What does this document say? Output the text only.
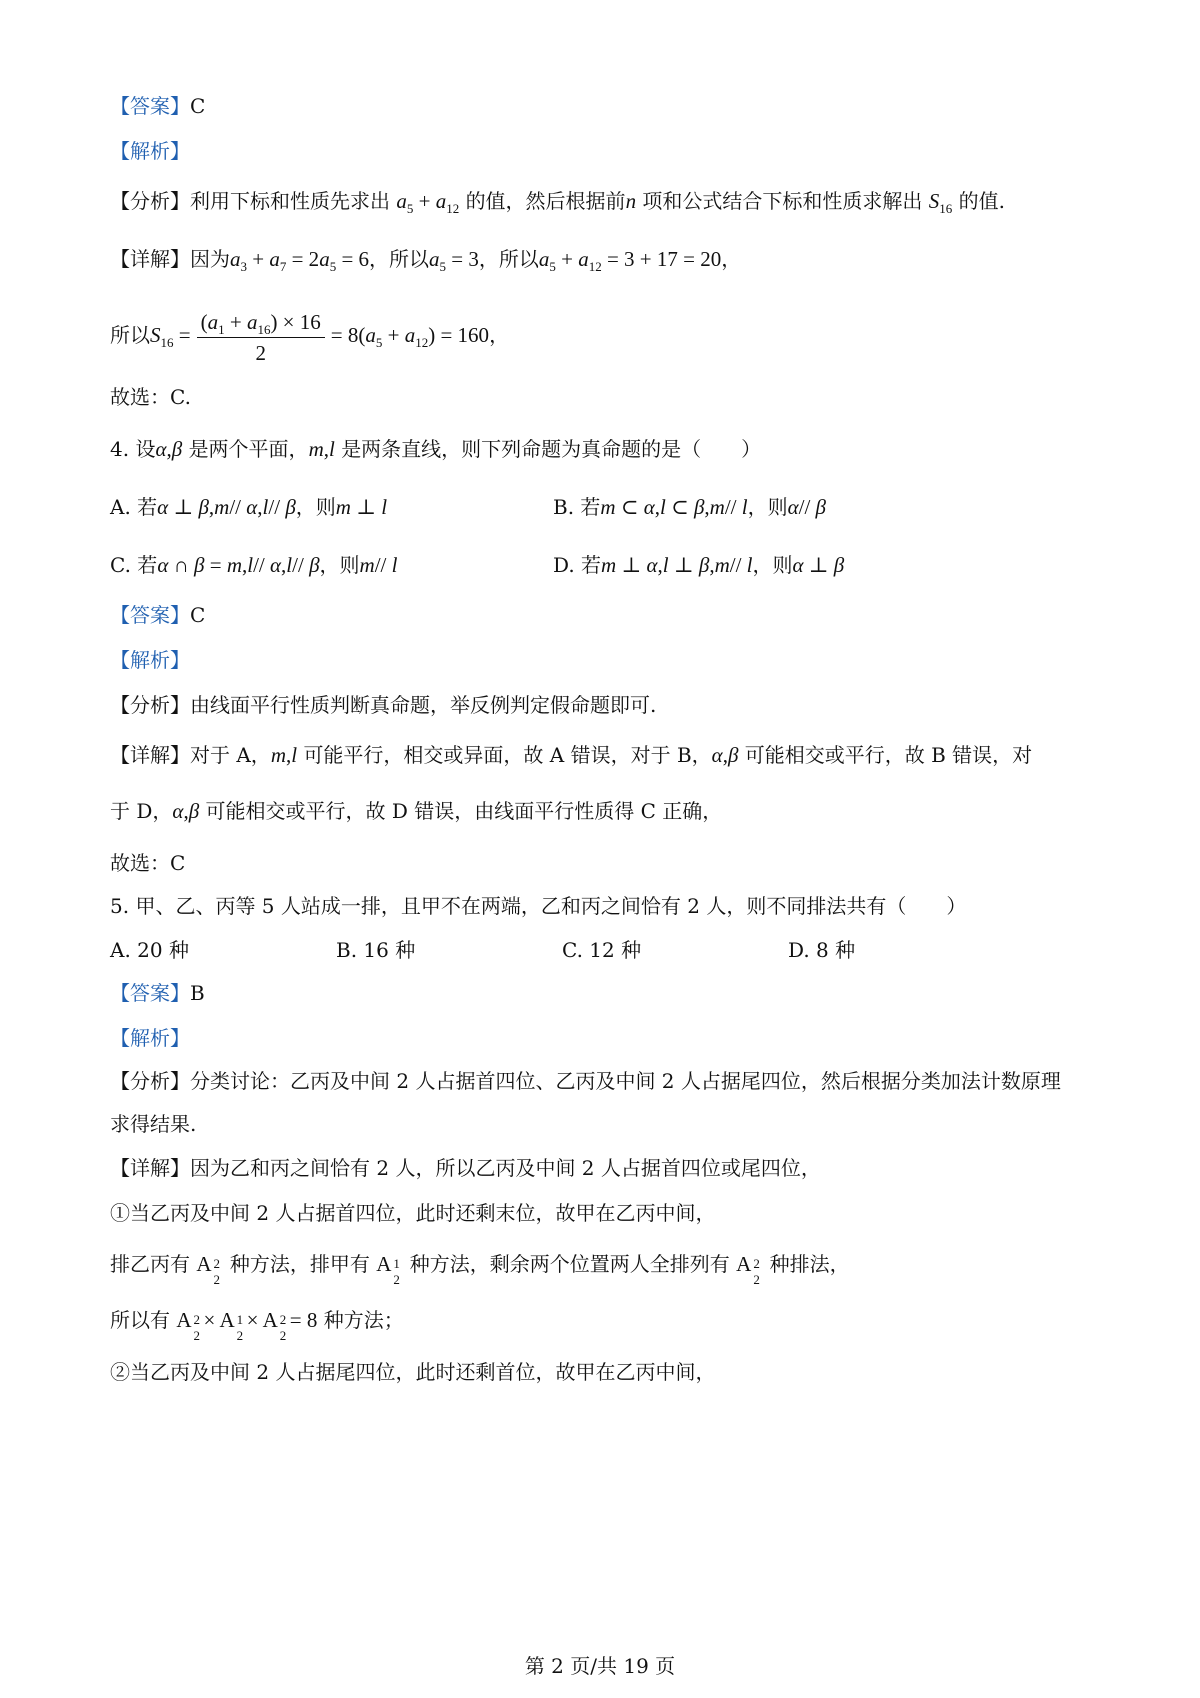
【答案】C
【解析】
【分析】利用下标和性质先求出 $a_5 + a_{12}$ 的值，然后根据前n 项和公式结合下标和性质求解出 $S_{16}$ 的值.
【详解】因为$a_3 + a_7 = 2a_5 = 6$，所以$a_5 = 3$，所以$a_5 + a_{12} = 3 + 17 = 20$，
所以$S_{16} = \frac{(a_1 + a_{16}) \times 16}{2} = 8(a_5 + a_{12}) = 160$，
故选：C.
4. 设α,β 是两个平面，m,l 是两条直线，则下列命题为真命题的是（　　）
A. 若α ⊥ β,m// α,l// β，则m ⊥ l	B. 若m ⊂ α,l ⊂ β,m// l，则α// β
C. 若α ∩ β = m,l// α,l// β，则m// l	D. 若m ⊥ α,l ⊥ β,m// l，则α ⊥ β
【答案】C
【解析】
【分析】由线面平行性质判断真命题，举反例判定假命题即可.
【详解】对于 A，m,l 可能平行，相交或异面，故 A 错误，对于 B，α,β 可能相交或平行，故 B 错误，对
于 D，α,β 可能相交或平行，故 D 错误，由线面平行性质得 C 正确，
故选：C
5. 甲、乙、丙等 5 人站成一排，且甲不在两端，乙和丙之间恰有 2 人，则不同排法共有（　　）
A. 20 种	B. 16 种	C. 12 种	D. 8 种
【答案】B
【解析】
【分析】分类讨论：乙丙及中间 2 人占据首四位、乙丙及中间 2 人占据尾四位，然后根据分类加法计数原理
求得结果.
【详解】因为乙和丙之间恰有 2 人，所以乙丙及中间 2 人占据首四位或尾四位，
①当乙丙及中间 2 人占据首四位，此时还剩末位，故甲在乙丙中间，
排乙丙有 A 2
2
种方法，排甲有 A 1
2
种方法，剩余两个位置两人全排列有 A 2
2
种排法，
所以有 A 2
2
× A 1
2
× A 2
2
= 8 种方法；
②当乙丙及中间 2 人占据尾四位，此时还剩首位，故甲在乙丙中间，
第 2 页/共 19 页
